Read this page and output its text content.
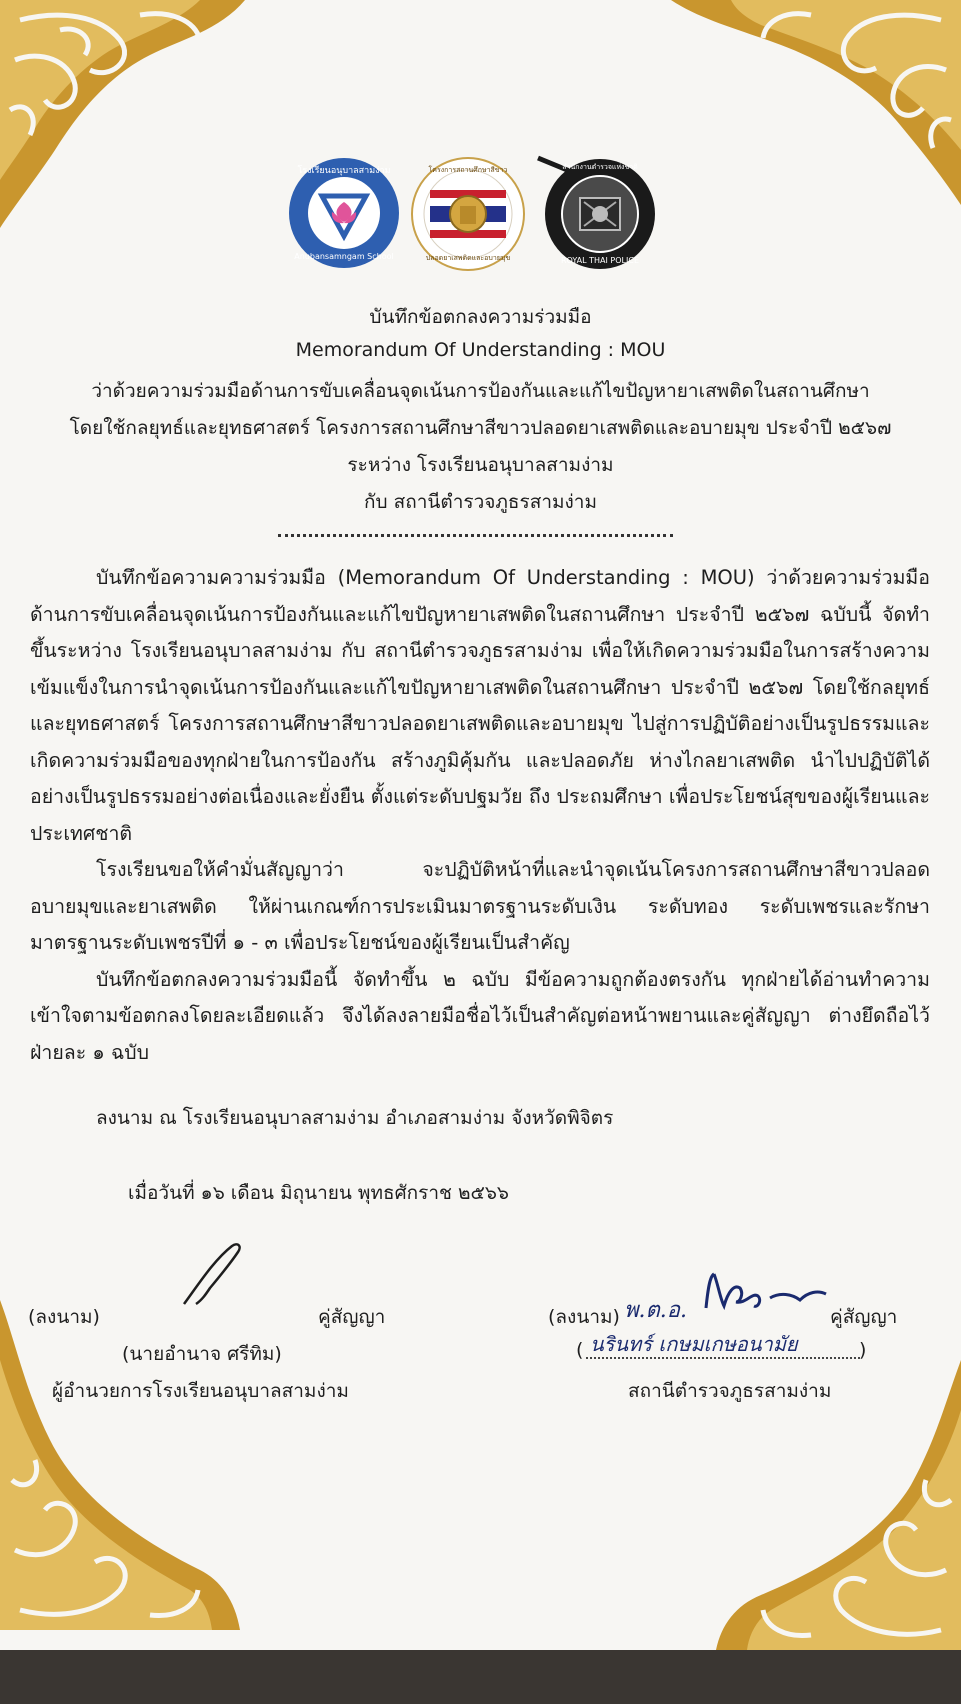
โรงเรียนอนุบาลสามง่าม
Anubansamngam School
โครงการสถานศึกษาสีขาว
ปลอดยาเสพติดและอบายมุข
สำนักงานตำรวจแห่งชาติ
ROYAL THAI POLICE
บันทึกข้อตกลงความร่วมมือ
Memorandum Of Understanding : MOU
ว่าด้วยความร่วมมือด้านการขับเคลื่อนจุดเน้นการป้องกันและแก้ไขปัญหายาเสพติดในสถานศึกษา
โดยใช้กลยุทธ์และยุทธศาสตร์ โครงการสถานศึกษาสีขาวปลอดยาเสพติดและอบายมุข ประจำปี ๒๕๖๗
ระหว่าง โรงเรียนอนุบาลสามง่าม
กับ สถานีตำรวจภูธรสามง่าม

บันทึกข้อความความร่วมมือ (Memorandum Of Understanding : MOU) ว่าด้วยความร่วมมือด้านการขับเคลื่อนจุดเน้นการป้องกันและแก้ไขปัญหายาเสพติดในสถานศึกษา ประจำปี ๒๕๖๗ ฉบับนี้ จัดทำขึ้นระหว่าง โรงเรียนอนุบาลสามง่าม กับ สถานีตำรวจภูธรสามง่าม เพื่อให้เกิดความร่วมมือในการสร้างความเข้มแข็งในการนำจุดเน้นการป้องกันและแก้ไขปัญหายาเสพติดในสถานศึกษา ประจำปี ๒๕๖๗ โดยใช้กลยุทธ์และยุทธศาสตร์ โครงการสถานศึกษาสีขาวปลอดยาเสพติดและอบายมุข ไปสู่การปฏิบัติอย่างเป็นรูปธรรมและเกิดความร่วมมือของทุกฝ่ายในการป้องกัน สร้างภูมิคุ้มกัน และปลอดภัย ห่างไกลยาเสพติด นำไปปฏิบัติได้อย่างเป็นรูปธรรมอย่างต่อเนื่องและยั่งยืน ตั้งแต่ระดับปฐมวัย ถึง ประถมศึกษา เพื่อประโยชน์สุขของผู้เรียนและประเทศชาติ

โรงเรียนขอให้คำมั่นสัญญาว่า จะปฏิบัติหน้าที่และนำจุดเน้นโครงการสถานศึกษาสีขาวปลอดอบายมุขและยาเสพติด ให้ผ่านเกณฑ์การประเมินมาตรฐานระดับเงิน ระดับทอง ระดับเพชรและรักษามาตรฐานระดับเพชรปีที่ ๑ - ๓ เพื่อประโยชน์ของผู้เรียนเป็นสำคัญ

บันทึกข้อตกลงความร่วมมือนี้ จัดทำขึ้น ๒ ฉบับ มีข้อความถูกต้องตรงกัน ทุกฝ่ายได้อ่านทำความเข้าใจตามข้อตกลงโดยละเอียดแล้ว จึงได้ลงลายมือชื่อไว้เป็นสำคัญต่อหน้าพยานและคู่สัญญา ต่างยึดถือไว้ฝ่ายละ ๑ ฉบับ

ลงนาม ณ โรงเรียนอนุบาลสามง่าม อำเภอสามง่าม จังหวัดพิจิตร
เมื่อวันที่ ๑๖ เดือน มิถุนายน พุทธศักราช ๒๕๖๖
(ลงนาม)	คู่สัญญา
(นายอำนาจ ศรีทิม)
ผู้อำนวยการโรงเรียนอนุบาลสามง่าม
(ลงนาม) พ.ต.อ.	คู่สัญญา
( นรินทร์ เกษมเกษอนามัย	)
สถานีตำรวจภูธรสามง่าม
